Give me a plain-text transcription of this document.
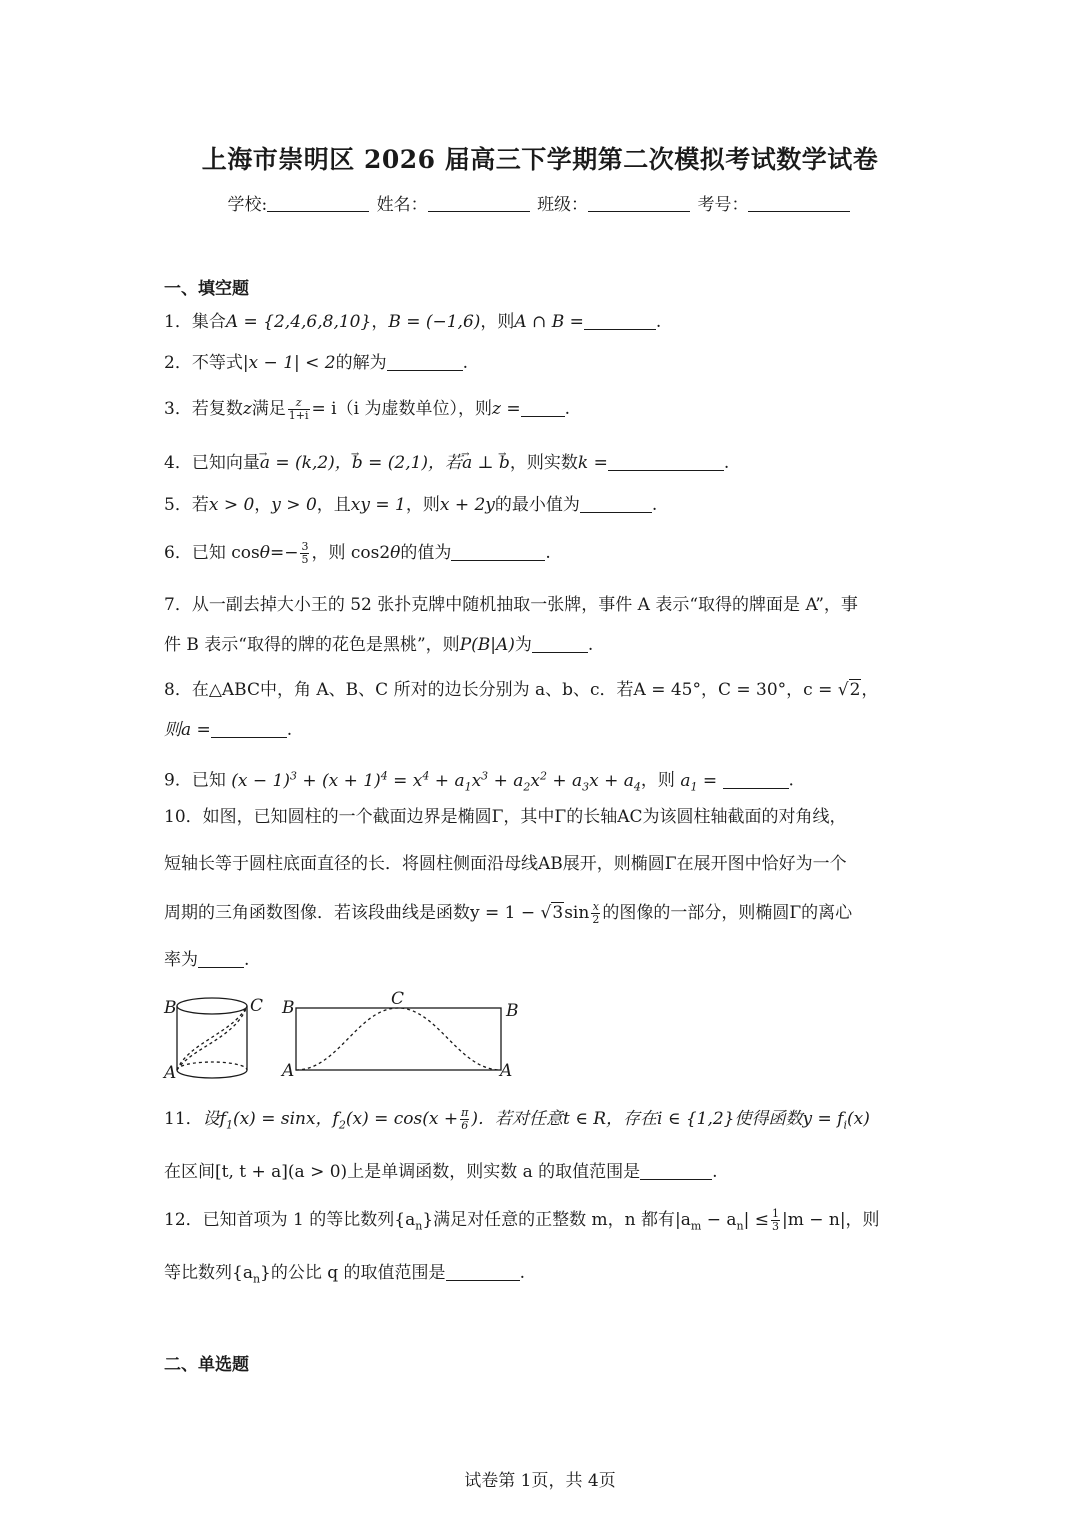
上海市崇明区 2026 届高三下学期第二次模拟考试数学试卷
学校:	姓名：	班级：	考号：
一、填空题
1．集合A = {2,4,6,8,10}，B = (−1,6)，则A ∩ B =	.
2．不等式|x − 1| < 2的解为	.
3．若复数z满足 $\frac{z}{1+i} = i(i$ 为虚数单位），则z =	.
4．已知向量→ a = (k,2)，→ b = (2,1)，若→ a ⊥ → b，则实数k =	.
5．若x > 0，y > 0，且xy = 1，则x + 2y的最小值为	.
6．已知 $\cos\theta=- \frac{3}{5}$ ，则 cos2θ的值为	.
7．从一副去掉大小王的 52 张扑克牌中随机抽取一张牌，事件 A 表示“取得的牌面是 A”，事
件 B 表示“取得的牌的花色是黑桃”，则P(B|A)为	.
8．在△ABC中，角 A、B、C 所对的边长分别为 a、b、c．若A = 45°，C = 30°，c = √2，
则a =	.
9．已知 $(x - 1)^3 + (x + 1)^4 = x^4 + a_1x^3 + a_2x^2 + a_3x + a_4$，则 $a_1$ =	.
10．如图，已知圆柱的一个截面边界是椭圆Γ，其中Γ的长轴AC为该圆柱轴截面的对角线，
短轴长等于圆柱底面直径的长．将圆柱侧面沿母线AB展开，则椭圆Γ在展开图中恰好为一个
周期的三角函数图像．若该段曲线是函数$y = 1 - √3\sin \frac{x}{2}$ 的图像的一部分，则椭圆Γ的离心
率为	.
B	C
A
B	C
B
A	A
11．设$f_1(x) = \sin x$，$f_2(x) = \cos(x + \frac{\pi}{6}$ )．若对任意t ∈ R，存在i ∈ {1,2}使得函数$y = f_i(x)$
在区间[t, t + a](a > 0)上是单调函数，则实数 a 的取值范围是	.
12．已知首项为 1 的等比数列$\{a_n\}$满足对任意的正整数 m，n 都有$|a_m - a_n| \le \frac{1}{3} |m - n|$，则
等比数列$\{a_n\}$的公比 q 的取值范围是	.
二、单选题
试卷第 1页，共 4页
